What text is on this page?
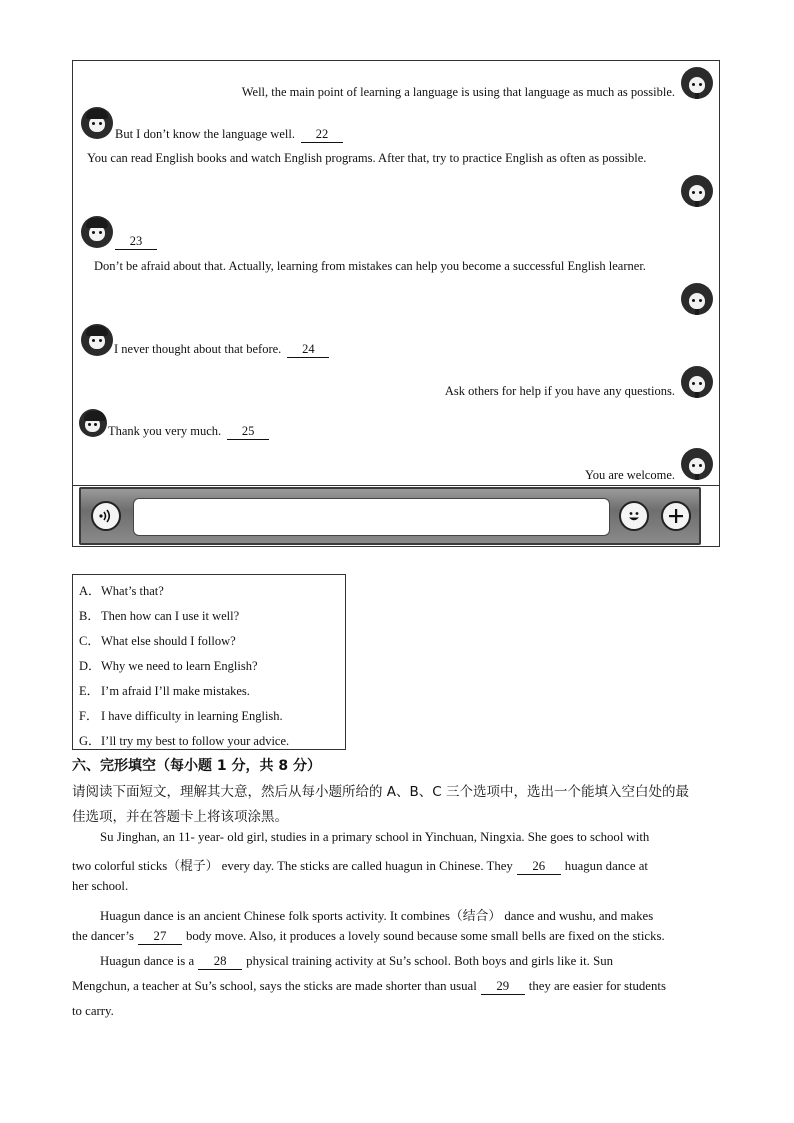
Well, the main point of learning a language is using that language as much as possible.
But I don’t know the language well. 22
You can read English books and watch English programs. After that, try to practice English as often as possible.
23
Don’t be afraid about that. Actually, learning from mistakes can help you become a successful English learner.
I never thought about that before. 24
Ask others for help if you have any questions.
Thank you very much. 25
You are welcome.
A．What’s that?
B．Then how can I use it well?
C．What else should I follow?
D．Why we need to learn English?
E． I’m afraid I’ll make mistakes.
F． I have difficulty in learning English.
G．I’ll try my best to follow your advice.
六、完形填空（每小题 1 分，共 8 分）
请阅读下面短文，理解其大意，然后从每小题所给的 A、B、C 三个选项中，选出一个能填入空白处的最
佳选项，并在答题卡上将该项涂黑。
Su Jinghan, an 11- year- old girl, studies in a primary school in Yinchuan, Ningxia. She goes to school with
two colorful sticks（棍子） every day. The sticks are called huagun in Chinese. They 26 huagun dance at
her school.
Huagun dance is an ancient Chinese folk sports activity. It combines（结合） dance and wushu, and makes
the dancer’s 27 body move. Also, it produces a lovely sound because some small bells are fixed on the sticks.
Huagun dance is a 28 physical training activity at Su’s school. Both boys and girls like it. Sun
Mengchun, a teacher at Su’s school, says the sticks are made shorter than usual 29 they are easier for students
to carry.
